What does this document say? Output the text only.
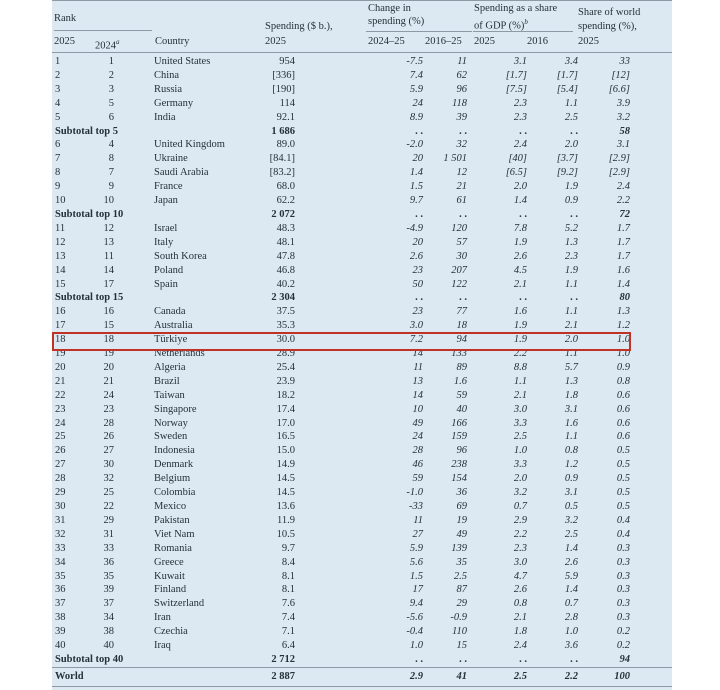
Rank
2025 2024$^a$	Country
Spending ($ b.),
2025
Change in
spending (%)
2024–25 2016–25
Spending as a share
of GDP (%)$^b$
2025	2016
Share of world
spending (%),
2025
1	1	United States	954	-7.5	11	3.1	3.4	33	
2	2	China	[336]	7.4	62	[1.7]	[1.7]	[12]	
3	3	Russia	[190]	5.9	96	[7.5]	[5.4]	[6.6]	
4	5	Germany	114	24	118	2.3	1.1	3.9	
5	6	India	92.1	8.9	39	2.3	2.5	3.2	
Subtotal top 5			1 686	. .	. .	. .	. .	58	
6	4	United Kingdom	89.0	-2.0	32	2.4	2.0	3.1	
7	8	Ukraine	[84.1]	20	1 501	[40]	[3.7]	[2.9]	
8	7	Saudi Arabia	[83.2]	1.4	12	[6.5]	[9.2]	[2.9]	
9	9	France	68.0	1.5	21	2.0	1.9	2.4	
10	10	Japan	62.2	9.7	61	1.4	0.9	2.2	
Subtotal top 10			2 072	. .	. .	. .	. .	72	
11	12	Israel	48.3	-4.9	120	7.8	5.2	1.7	
12	13	Italy	48.1	20	57	1.9	1.3	1.7	
13	11	South Korea	47.8	2.6	30	2.6	2.3	1.7	
14	14	Poland	46.8	23	207	4.5	1.9	1.6	
15	17	Spain	40.2	50	122	2.1	1.1	1.4	
Subtotal top 15			2 304	. .	. .	. .	. .	80	
16	16	Canada	37.5	23	77	1.6	1.1	1.3	
17	15	Australia	35.3	3.0	18	1.9	2.1	1.2	
18	18	Türkiye	30.0	7.2	94	1.9	2.0	1.0	
19	19	Netherlands	28.9	14	133	2.2	1.1	1.0	
20	20	Algeria	25.4	11	89	8.8	5.7	0.9	
21	21	Brazil	23.9	13	1.6	1.1	1.3	0.8	
22	24	Taiwan	18.2	14	59	2.1	1.8	0.6	
23	23	Singapore	17.4	10	40	3.0	3.1	0.6	
24	28	Norway	17.0	49	166	3.3	1.6	0.6	
25	26	Sweden	16.5	24	159	2.5	1.1	0.6	
26	27	Indonesia	15.0	28	96	1.0	0.8	0.5	
27	30	Denmark	14.9	46	238	3.3	1.2	0.5	
28	32	Belgium	14.5	59	154	2.0	0.9	0.5	
29	25	Colombia	14.5	-1.0	36	3.2	3.1	0.5	
30	22	Mexico	13.6	-33	69	0.7	0.5	0.5	
31	29	Pakistan	11.9	11	19	2.9	3.2	0.4	
32	31	Viet Nam	10.5	27	49	2.2	2.5	0.4	
33	33	Romania	9.7	5.9	139	2.3	1.4	0.3	
34	36	Greece	8.4	5.6	35	3.0	2.6	0.3	
35	35	Kuwait	8.1	1.5	2.5	4.7	5.9	0.3	
36	39	Finland	8.1	17	87	2.6	1.4	0.3	
37	37	Switzerland	7.6	9.4	29	0.8	0.7	0.3	
38	34	Iran	7.4	-5.6	-0.9	2.1	2.8	0.3	
39	38	Czechia	7.1	-0.4	110	1.8	1.0	0.2	
40	40	Iraq	6.4	1.0	15	2.4	3.6	0.2	
Subtotal top 40			2 712	. .	. .	. .	. .	94	
World			2 887	2.9	41	2.5	2.2	100	
